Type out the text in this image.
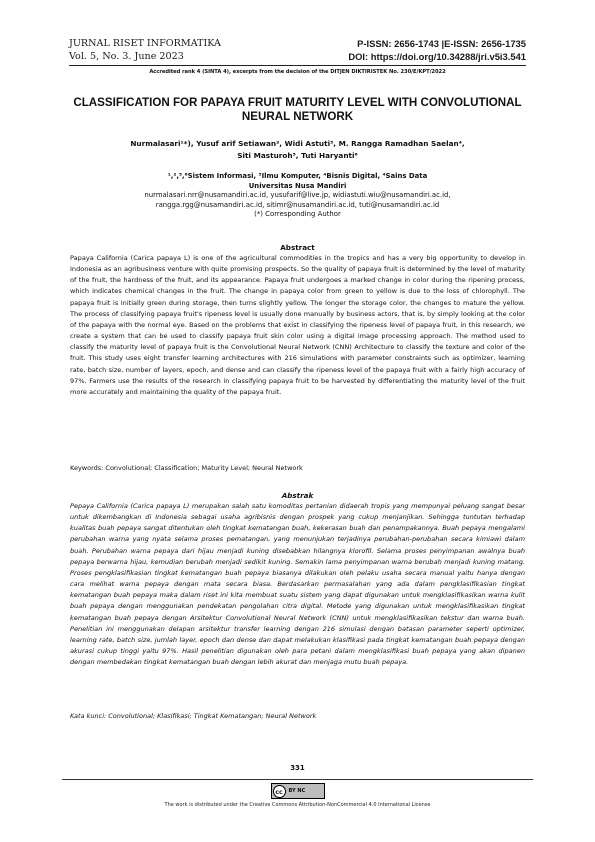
JURNAL RISET INFORMATIKA	P-ISSN: 2656-1743 |E-ISSN: 2656-1735
Vol. 5, No. 3. June 2023	DOI: https://doi.org/10.34288/jri.v5i3.541
Accredited rank 4 (SINTA 4), excerpts from the decision of the DITJEN DIKTIRISTEK No. 230/E/KPT/2022
CLASSIFICATION FOR PAPAYA FRUIT MATURITY LEVEL WITH CONVOLUTIONAL NEURAL NETWORK
Nurmalasari¹*), Yusuf arif Setiawan², Widi Astuti³, M. Rangga Ramadhan Saelan⁴,
Siti Masturoh⁵, Tuti Haryanti⁶
¹,²,⁵,⁶Sistem Informasi, ³Ilmu Komputer, ⁴Bisnis Digital, ⁴Sains Data
Universitas Nusa Mandiri
nurmalasari.nrr@nusamandiri.ac.id, yusufarif@live.jp, widiastuti.wiu@nusamandiri.ac.id,
rangga.rgg@nusamandiri.ac.id, sitimr@nusamandiri.ac.id, tuti@nusamandiri.ac.id
(*) Corresponding Author
Abstract
Papaya California (Carica papaya L) is one of the agricultural commodities in the tropics and has a very big opportunity to develop in Indonesia as an agribusiness venture with quite promising prospects. So the quality of papaya fruit is determined by the level of maturity of the fruit, the hardness of the fruit, and its appearance. Papaya fruit undergoes a marked change in color during the ripening process, which indicates chemical changes in the fruit. The change in papaya color from green to yellow is due to the loss of chlorophyll. The papaya fruit is initially green during storage, then turns slightly yellow. The longer the storage color, the changes to mature the yellow. The process of classifying papaya fruit's ripeness level is usually done manually by business actors, that is, by simply looking at the color of the papaya with the normal eye. Based on the problems that exist in classifying the ripeness level of papaya fruit, in this research, we create a system that can be used to classify papaya fruit skin color using a digital image processing approach. The method used to classify the maturity level of papaya fruit is the Convolutional Neural Network (CNN) Architecture to classify the texture and color of the fruit. This study uses eight transfer learning architectures with 216 simulations with parameter constraints such as optimizer, learning rate, batch size, number of layers, epoch, and dense and can classify the ripeness level of the papaya fruit with a fairly high accuracy of 97%. Farmers use the results of the research in classifying papaya fruit to be harvested by differentiating the maturity level of the fruit more accurately and maintaining the quality of the papaya fruit.
Keywords: Convolutional; Classification; Maturity Level; Neural Network
Abstrak
Pepaya California (Carica papaya L) merupakan salah satu komoditas pertanian didaerah tropis yang mempunyai peluang sangat besar untuk dikembangkan di Indonesia sebagai usaha agribisnis dengan prospek yang cukup menjanjikan. Sehingga tuntutan terhadap kualitas buah pepaya sangat ditentukan oleh tingkat kematangan buah, kekerasan buah dan penampakannya. Buah pepaya mengalami perubahan warna yang nyata selama proses pematangan, yang menunjukan terjadinya perubahan-perubahan secara kimiawi dalam buah. Perubahan warna pepaya dari hijau menjadi kuning disebabkan hilangnya klorofil. Selama proses penyimpanan awalnya buah pepaya berwarna hijau, kemudian berubah menjadi sedikit kuning. Semakin lama penyimpanan warna berubah menjadi kuning matang. Proses pengklasifikasian tingkat kematangan buah pepaya biasanya dilakukan oleh pelaku usaha secara manual yaitu hanya dengan cara melihat warna pepaya dengan mata secara biasa. Berdasarkan permasalahan yang ada dalam pengklasifikasian tingkat kematangan buah pepaya maka dalam riset ini kita membuat suatu sistem yang dapat digunakan untuk mengklasifikasikan warna kulit buah pepaya dengan menggunakan pendekatan pengolahan citra digital. Metode yang digunakan untuk mengklasifikasikan tingkat kematangan buah pepaya dengan Arsitektur Convolutional Neural Network (CNN) untuk mengklasifikasikan tekstur dan warna buah. Penelitian ini menggunakan delapan arsitektur transfer learning dengan 216 simulasi dengan batasan parameter seperti optimizer, learning rate, batch size, jumlah layer, epoch dan dense dan dapat melakukan klasifikasi pada tingkat kematangan buah pepaya dengan akurasi cukup tinggi yaitu 97%. Hasil penelitian digunakan oleh para petani dalam mengklasifikasi buah pepaya yang akan dipanen dengan membedakan tingkat kematangan buah dengan lebih akurat dan menjaga mutu buah pepaya.
Kata kunci: Convolutional; Klasifikasi; Tingkat Kematangan; Neural Network
331
cc	BY NC
The work is distributed under the Creative Commons Attribution-NonCommercial 4.0 International License
